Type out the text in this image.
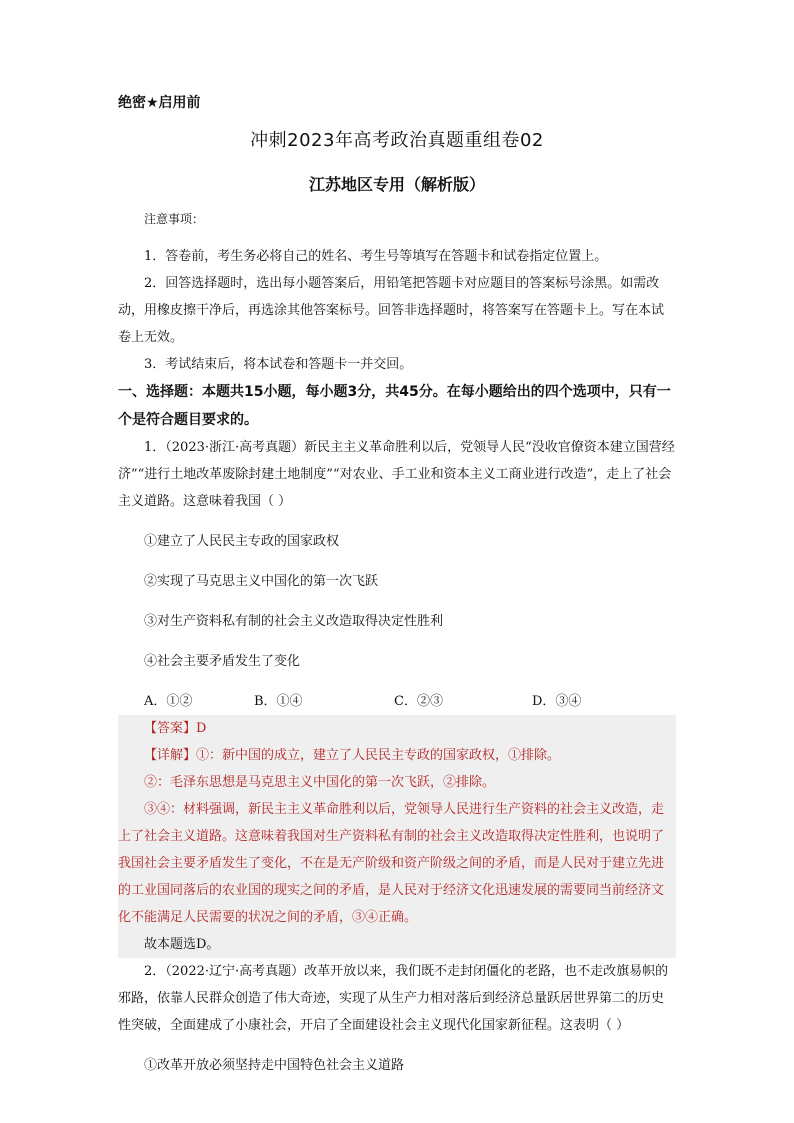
绝密★启用前

冲刺2023年高考政治真题重组卷02
江苏地区专用（解析版）

注意事项：

1．答卷前，考生务必将自己的姓名、考生号等填写在答题卡和试卷指定位置上。

2．回答选择题时，选出每小题答案后，用铅笔把答题卡对应题目的答案标号涂黑。如需改动，用橡皮擦干净后，再选涂其他答案标号。回答非选择题时，将答案写在答题卡上。写在本试卷上无效。

3．考试结束后，将本试卷和答题卡一并交回。

一、选择题：本题共15小题，每小题3分，共45分。在每小题给出的四个选项中，只有一个是符合题目要求的。

1．（2023·浙江·高考真题）新民主主义革命胜利以后，党领导人民“没收官僚资本建立国营经济”“进行土地改革废除封建土地制度”“对农业、手工业和资本主义工商业进行改造”，走上了社会主义道路。这意味着我国（ ）

①建立了人民民主专政的国家政权

②实现了马克思主义中国化的第一次飞跃

③对生产资料私有制的社会主义改造取得决定性胜利

④社会主要矛盾发生了变化

A．①②	B．①④	C．②③	D．③④

【答案】D

【详解】①：新中国的成立，建立了人民民主专政的国家政权，①排除。

②：毛泽东思想是马克思主义中国化的第一次飞跃，②排除。

③④：材料强调，新民主主义革命胜利以后，党领导人民进行生产资料的社会主义改造，走上了社会主义道路。这意味着我国对生产资料私有制的社会主义改造取得决定性胜利，也说明了我国社会主要矛盾发生了变化，不在是无产阶级和资产阶级之间的矛盾，而是人民对于建立先进的工业国同落后的农业国的现实之间的矛盾，是人民对于经济文化迅速发展的需要同当前经济文化不能满足人民需要的状况之间的矛盾，③④正确。

故本题选D。

2．（2022·辽宁·高考真题）改革开放以来，我们既不走封闭僵化的老路，也不走改旗易帜的邪路，依靠人民群众创造了伟大奇迹，实现了从生产力相对落后到经济总量跃居世界第二的历史性突破，全面建成了小康社会，开启了全面建设社会主义现代化国家新征程。这表明（ ）

①改革开放必须坚持走中国特色社会主义道路
